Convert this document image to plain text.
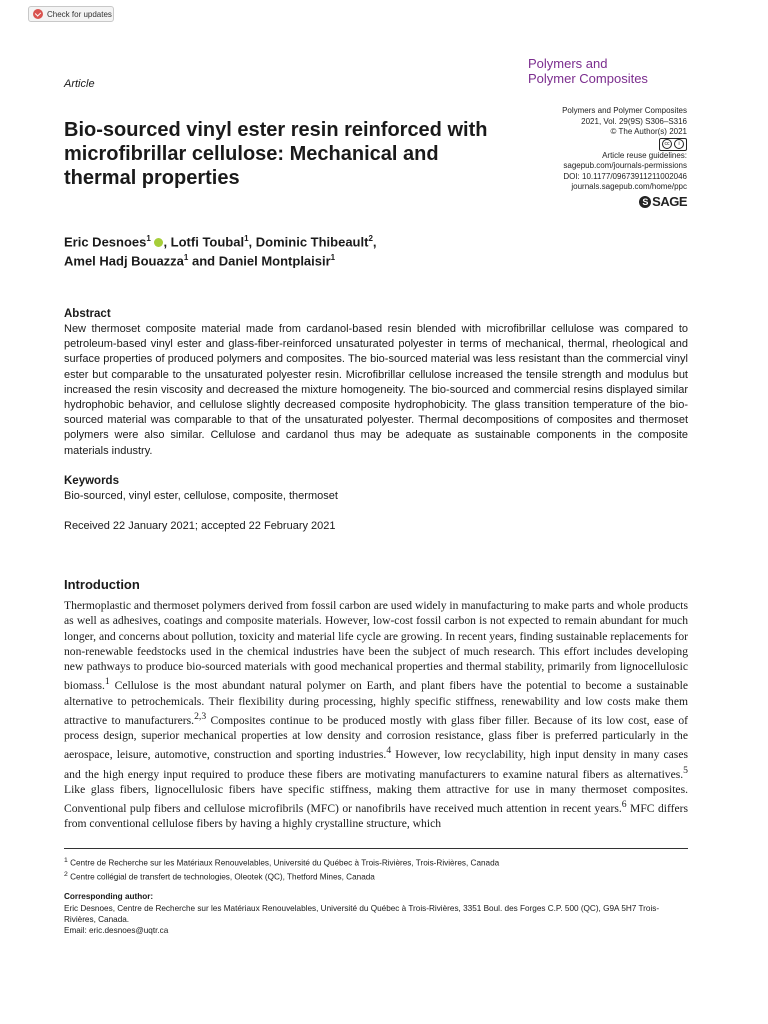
Check for updates
Polymers and
Polymer Composites
Article
Bio-sourced vinyl ester resin reinforced with microfibrillar cellulose: Mechanical and thermal properties
Polymers and Polymer Composites
2021, Vol. 29(9S) S306–S316
© The Author(s) 2021
cc	i
Article reuse guidelines:
sagepub.com/journals-permissions
DOI: 10.1177/09673911211002046
journals.sagepub.com/home/ppc
S SAGE
Eric Desnoes$^1$ , Lotfi Toubal$^1$, Dominic Thibeault$^2$,
Amel Hadj Bouazza$^1$ and Daniel Montplaisir$^1$
Abstract
New thermoset composite material made from cardanol-based resin blended with microfibrillar cellulose was compared to petroleum-based vinyl ester and glass-fiber-reinforced unsaturated polyester in terms of mechanical, thermal, rheological and surface properties of produced polymers and composites. The bio-sourced material was less resistant than the commercial vinyl ester but comparable to the unsaturated polyester resin. Microfibrillar cellulose increased the tensile strength and modulus but increased the resin viscosity and decreased the mixture homogeneity. The bio-sourced and commercial resins displayed similar hydrophobic behavior, and cellulose slightly decreased composite hydrophobicity. The glass transition temperature of the bio-sourced material was comparable to that of the unsaturated polyester. Thermal decompositions of composites and thermoset polymers were also similar. Cellulose and cardanol thus may be adequate as sustainable components in the composite materials industry.
Keywords
Bio-sourced, vinyl ester, cellulose, composite, thermoset
Received 22 January 2021; accepted 22 February 2021
Introduction
Thermoplastic and thermoset polymers derived from fossil carbon are used widely in manufacturing to make parts and whole products as well as adhesives, coatings and composite materials. However, low-cost fossil carbon is not expected to remain abundant for much longer, and concerns about pollution, toxicity and material life cycle are growing. In recent years, finding sustainable replacements for non-renewable feedstocks used in the chemical industries have been the subject of much research. This effort includes developing new pathways to produce bio-sourced materials with good mechanical properties and thermal stability, primarily from lignocellulosic biomass.$^1$ Cellulose is the most abundant natural polymer on Earth, and plant fibers have the potential to become a sustainable alternative to petrochemicals. Their flexibility during processing, highly specific stiffness, renewability and low costs make them attractive to manufacturers.$^{2,3}$ Composites continue to be produced mostly with glass fiber filler. Because of its low cost, ease of process design, superior mechanical properties at low density and corrosion resistance, glass fiber is preferred particularly in the aerospace, leisure, automotive, construction and sporting industries.$^4$ However, low recyclability, high input density in many cases and the high energy input required to produce these fibers are motivating manufacturers to examine natural fibers as alternatives.$^5$ Like glass fibers, lignocellulosic fibers have specific stiffness, making them attractive for use in many thermoset composites. Conventional pulp fibers and cellulose microfibrils (MFC) or nanofibrils have received much attention in recent years.$^6$ MFC differs from conventional cellulose fibers by having a highly crystalline structure, which
$^1$ Centre de Recherche sur les Matériaux Renouvelables, Université du Québec à Trois-Rivières, Trois-Rivières, Canada
$^2$ Centre collégial de transfert de technologies, Oleotek (QC), Thetford Mines, Canada
Corresponding author:
Eric Desnoes, Centre de Recherche sur les Matériaux Renouvelables, Université du Québec à Trois-Rivières, 3351 Boul. des Forges C.P. 500 (QC), G9A 5H7 Trois-Rivières, Canada.
Email: eric.desnoes@uqtr.ca
